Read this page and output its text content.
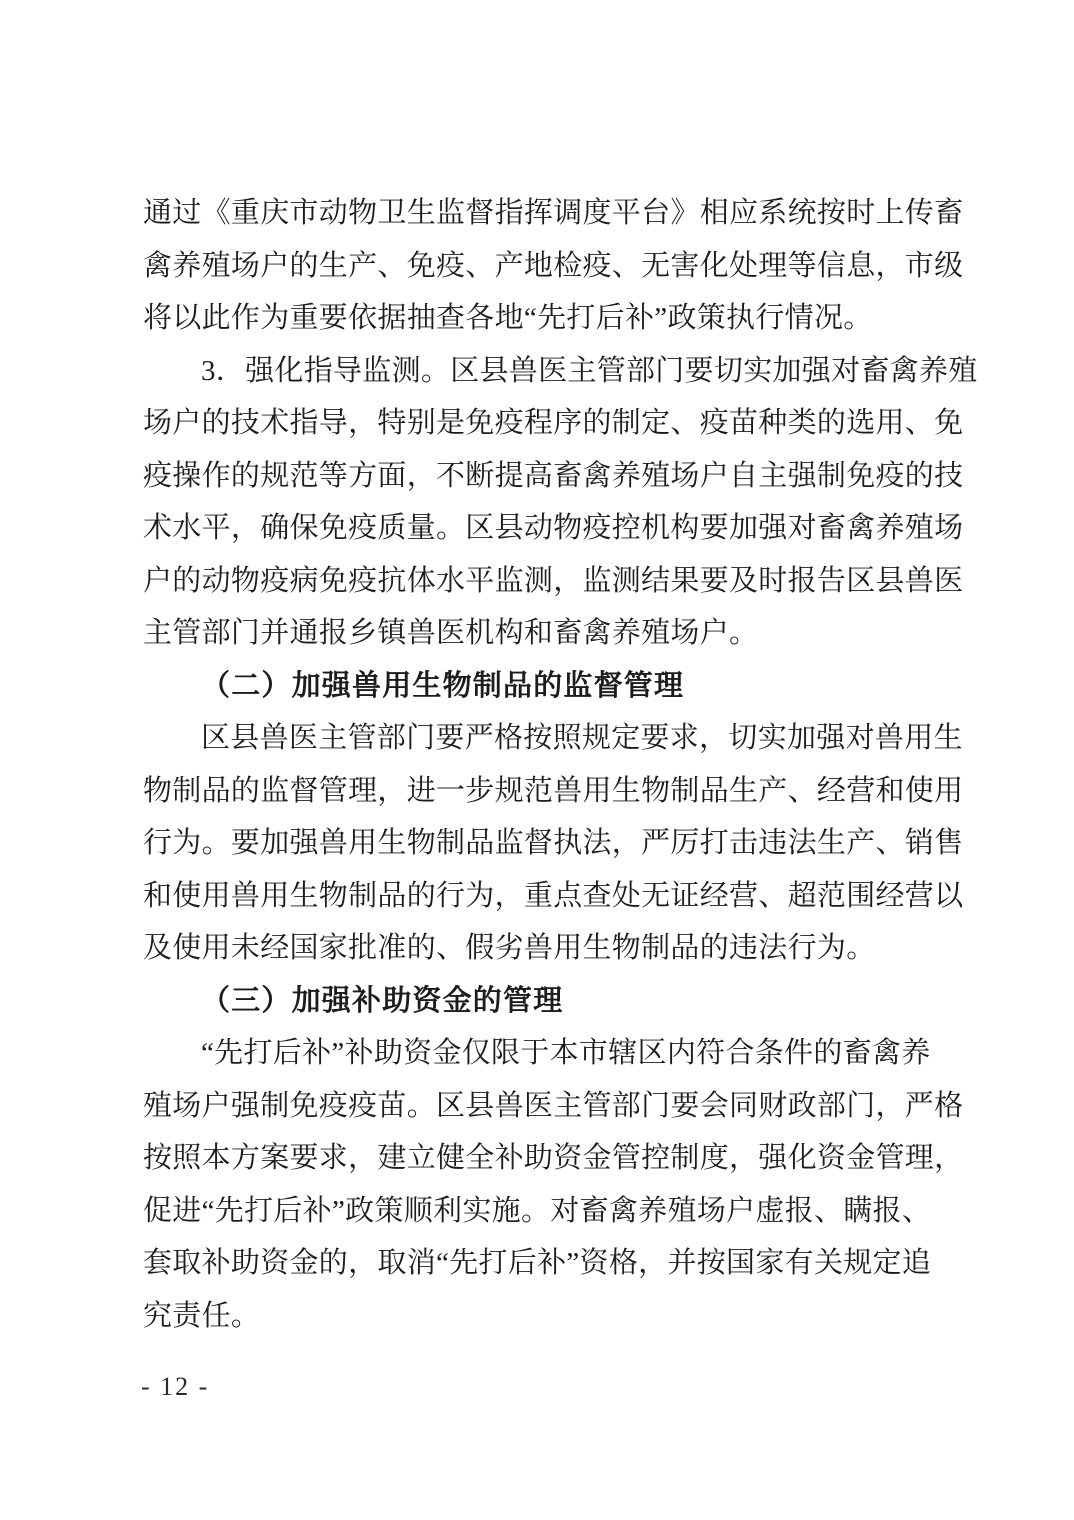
通过《重庆市动物卫生监督指挥调度平台》相应系统按时上传畜

禽养殖场户的生产、免疫、产地检疫、无害化处理等信息，市级

将以此作为重要依据抽查各地“先打后补”政策执行情况。

3．强化指导监测。区县兽医主管部门要切实加强对畜禽养殖

场户的技术指导，特别是免疫程序的制定、疫苗种类的选用、免

疫操作的规范等方面，不断提高畜禽养殖场户自主强制免疫的技

术水平，确保免疫质量。区县动物疫控机构要加强对畜禽养殖场

户的动物疫病免疫抗体水平监测，监测结果要及时报告区县兽医

主管部门并通报乡镇兽医机构和畜禽养殖场户。

（二）加强兽用生物制品的监督管理

区县兽医主管部门要严格按照规定要求，切实加强对兽用生

物制品的监督管理，进一步规范兽用生物制品生产、经营和使用

行为。要加强兽用生物制品监督执法，严厉打击违法生产、销售

和使用兽用生物制品的行为，重点查处无证经营、超范围经营以

及使用未经国家批准的、假劣兽用生物制品的违法行为。

（三）加强补助资金的管理

“先打后补”补助资金仅限于本市辖区内符合条件的畜禽养

殖场户强制免疫疫苗。区县兽医主管部门要会同财政部门，严格

按照本方案要求，建立健全补助资金管控制度，强化资金管理，

促进“先打后补”政策顺利实施。对畜禽养殖场户虚报、瞒报、

套取补助资金的，取消“先打后补”资格，并按国家有关规定追

究责任。

- 12 -
